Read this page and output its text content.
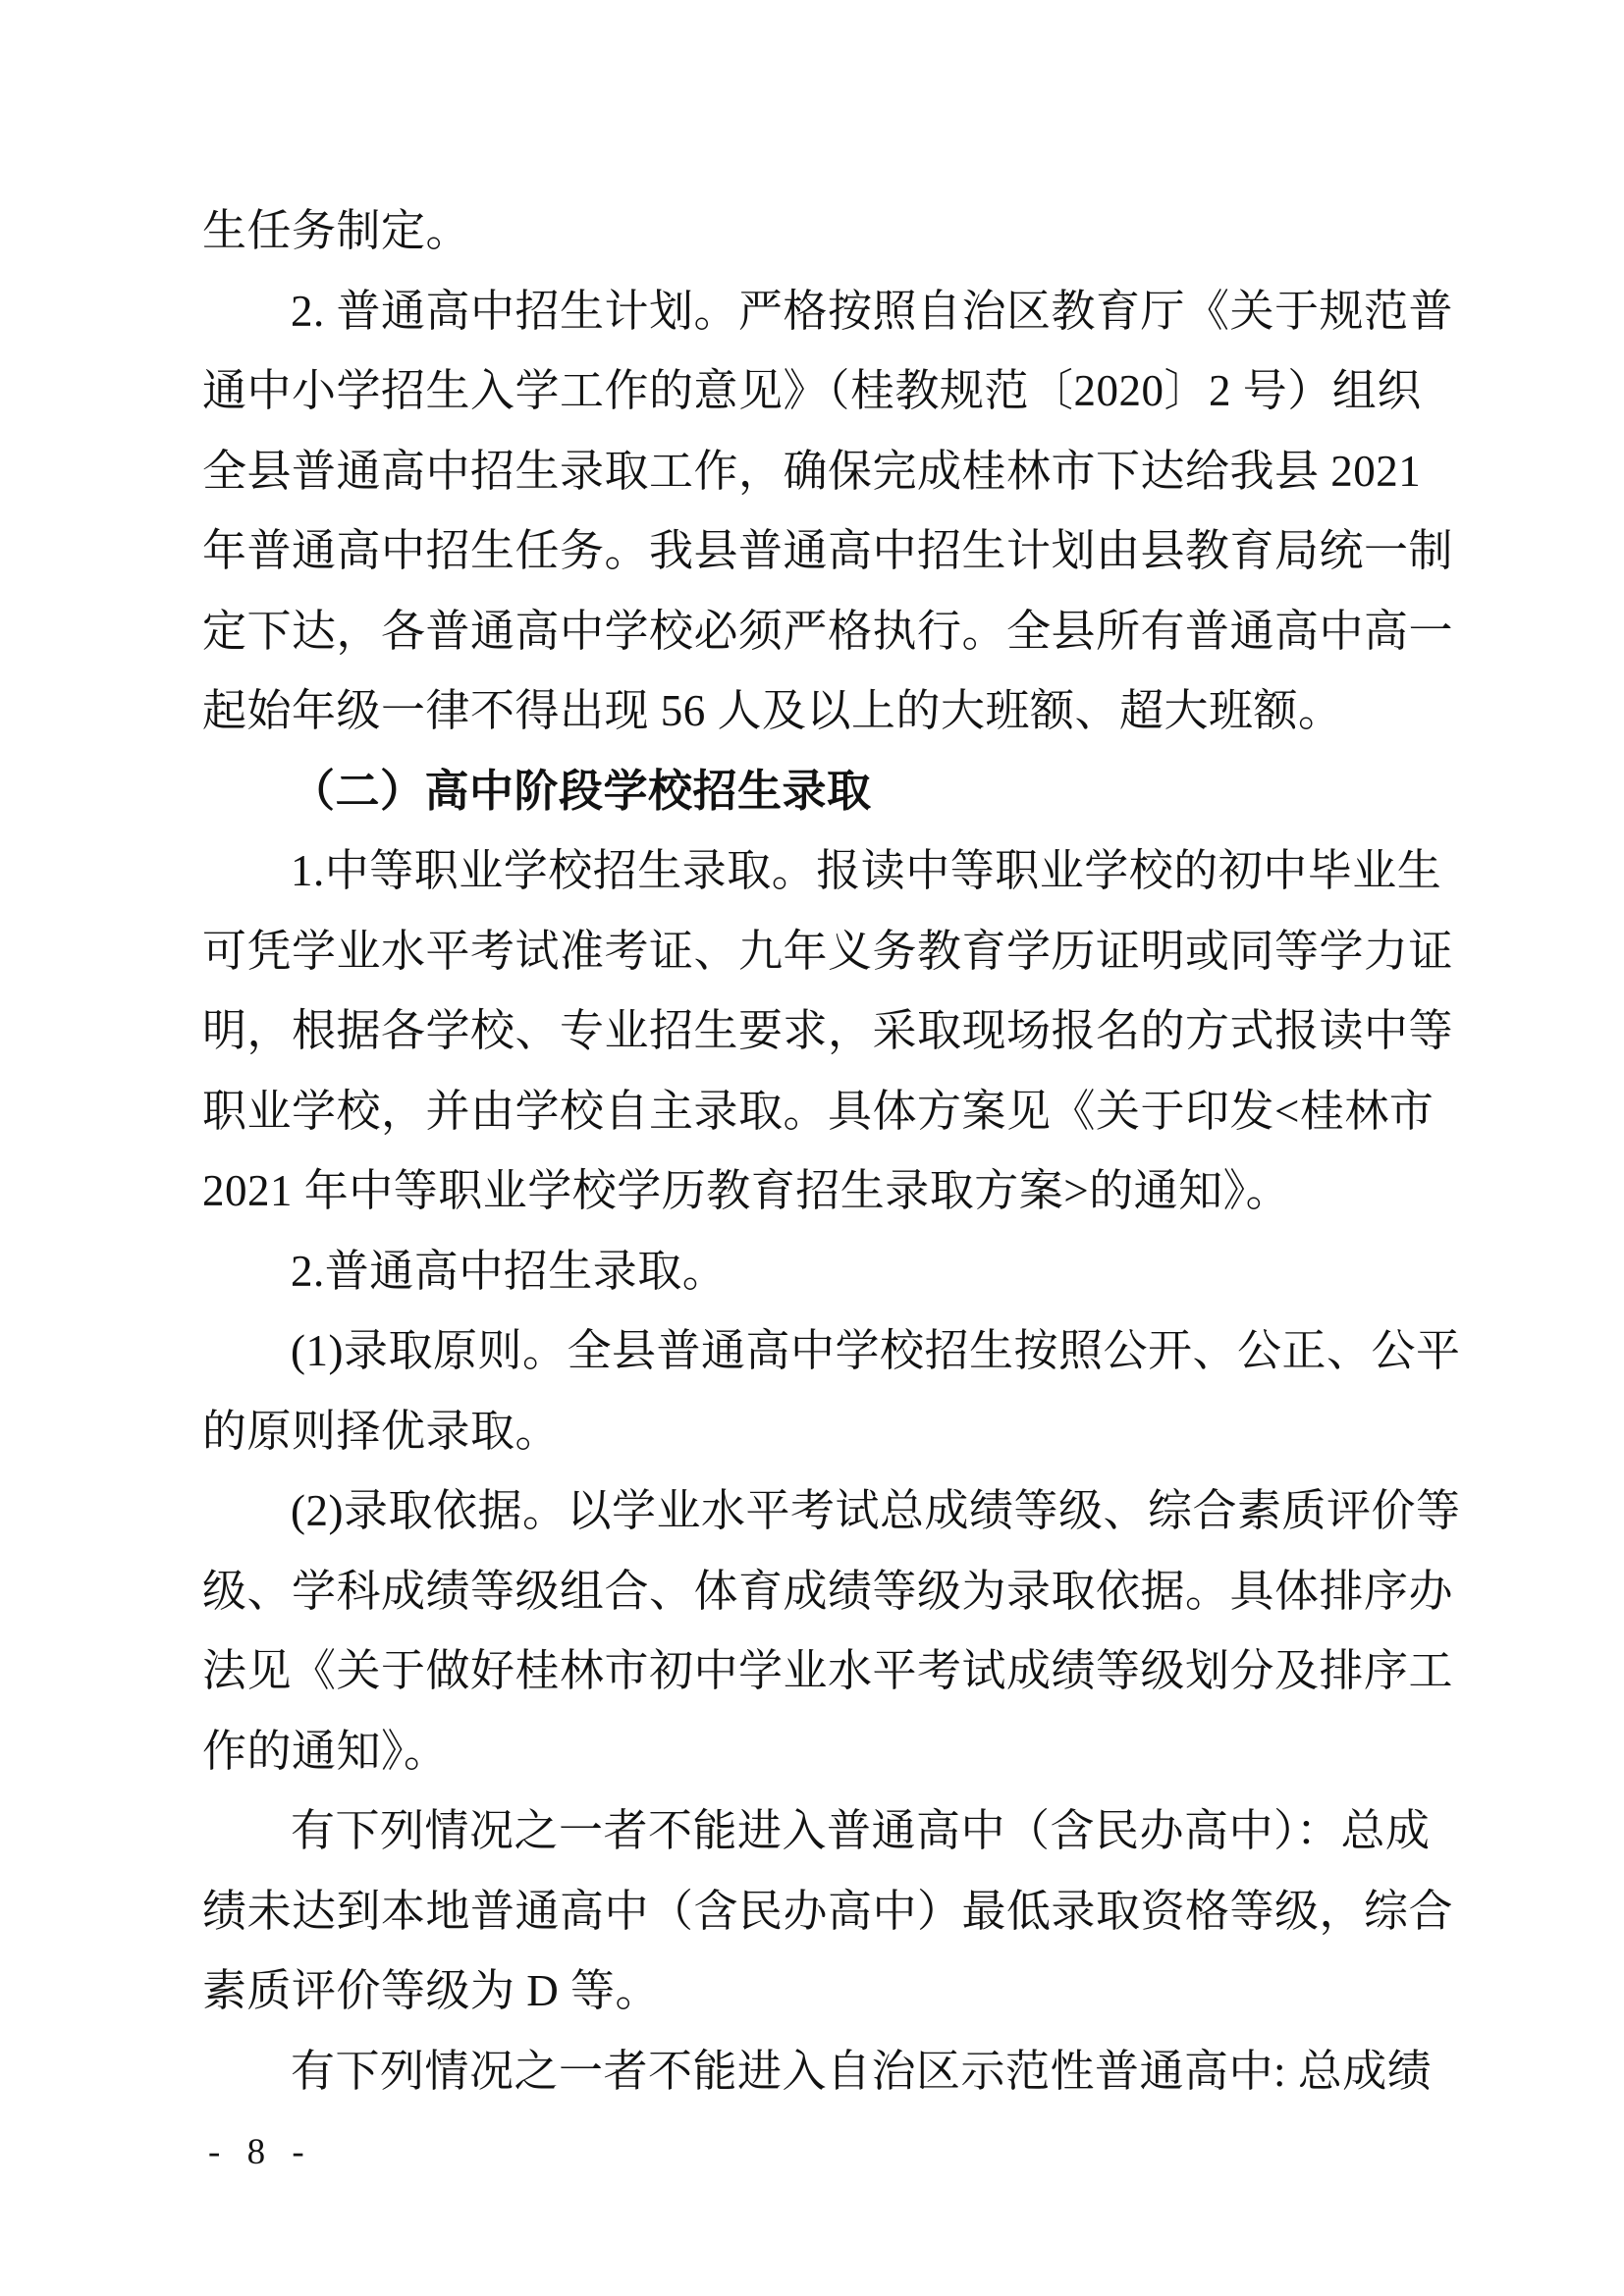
生任务制定。
2. 普通高中招生计划。严格按照自治区教育厅《关于规范普
通中小学招生入学工作的意见》（桂教规范〔2020〕2 号）组织
全县普通高中招生录取工作，确保完成桂林市下达给我县 2021
年普通高中招生任务。我县普通高中招生计划由县教育局统一制
定下达，各普通高中学校必须严格执行。全县所有普通高中高一
起始年级一律不得出现 56 人及以上的大班额、超大班额。
（二）高中阶段学校招生录取
1.中等职业学校招生录取。报读中等职业学校的初中毕业生
可凭学业水平考试准考证、九年义务教育学历证明或同等学力证
明，根据各学校、专业招生要求，采取现场报名的方式报读中等
职业学校，并由学校自主录取。具体方案见《关于印发<桂林市
2021 年中等职业学校学历教育招生录取方案>的通知》。
2.普通高中招生录取。
(1)录取原则。全县普通高中学校招生按照公开、公正、公平
的原则择优录取。
(2)录取依据。以学业水平考试总成绩等级、综合素质评价等
级、学科成绩等级组合、体育成绩等级为录取依据。具体排序办
法见《关于做好桂林市初中学业水平考试成绩等级划分及排序工
作的通知》。
有下列情况之一者不能进入普通高中（含民办高中）：总成
绩未达到本地普通高中（含民办高中）最低录取资格等级，综合
素质评价等级为 D 等。
有下列情况之一者不能进入自治区示范性普通高中: 总成绩
- 8 -
